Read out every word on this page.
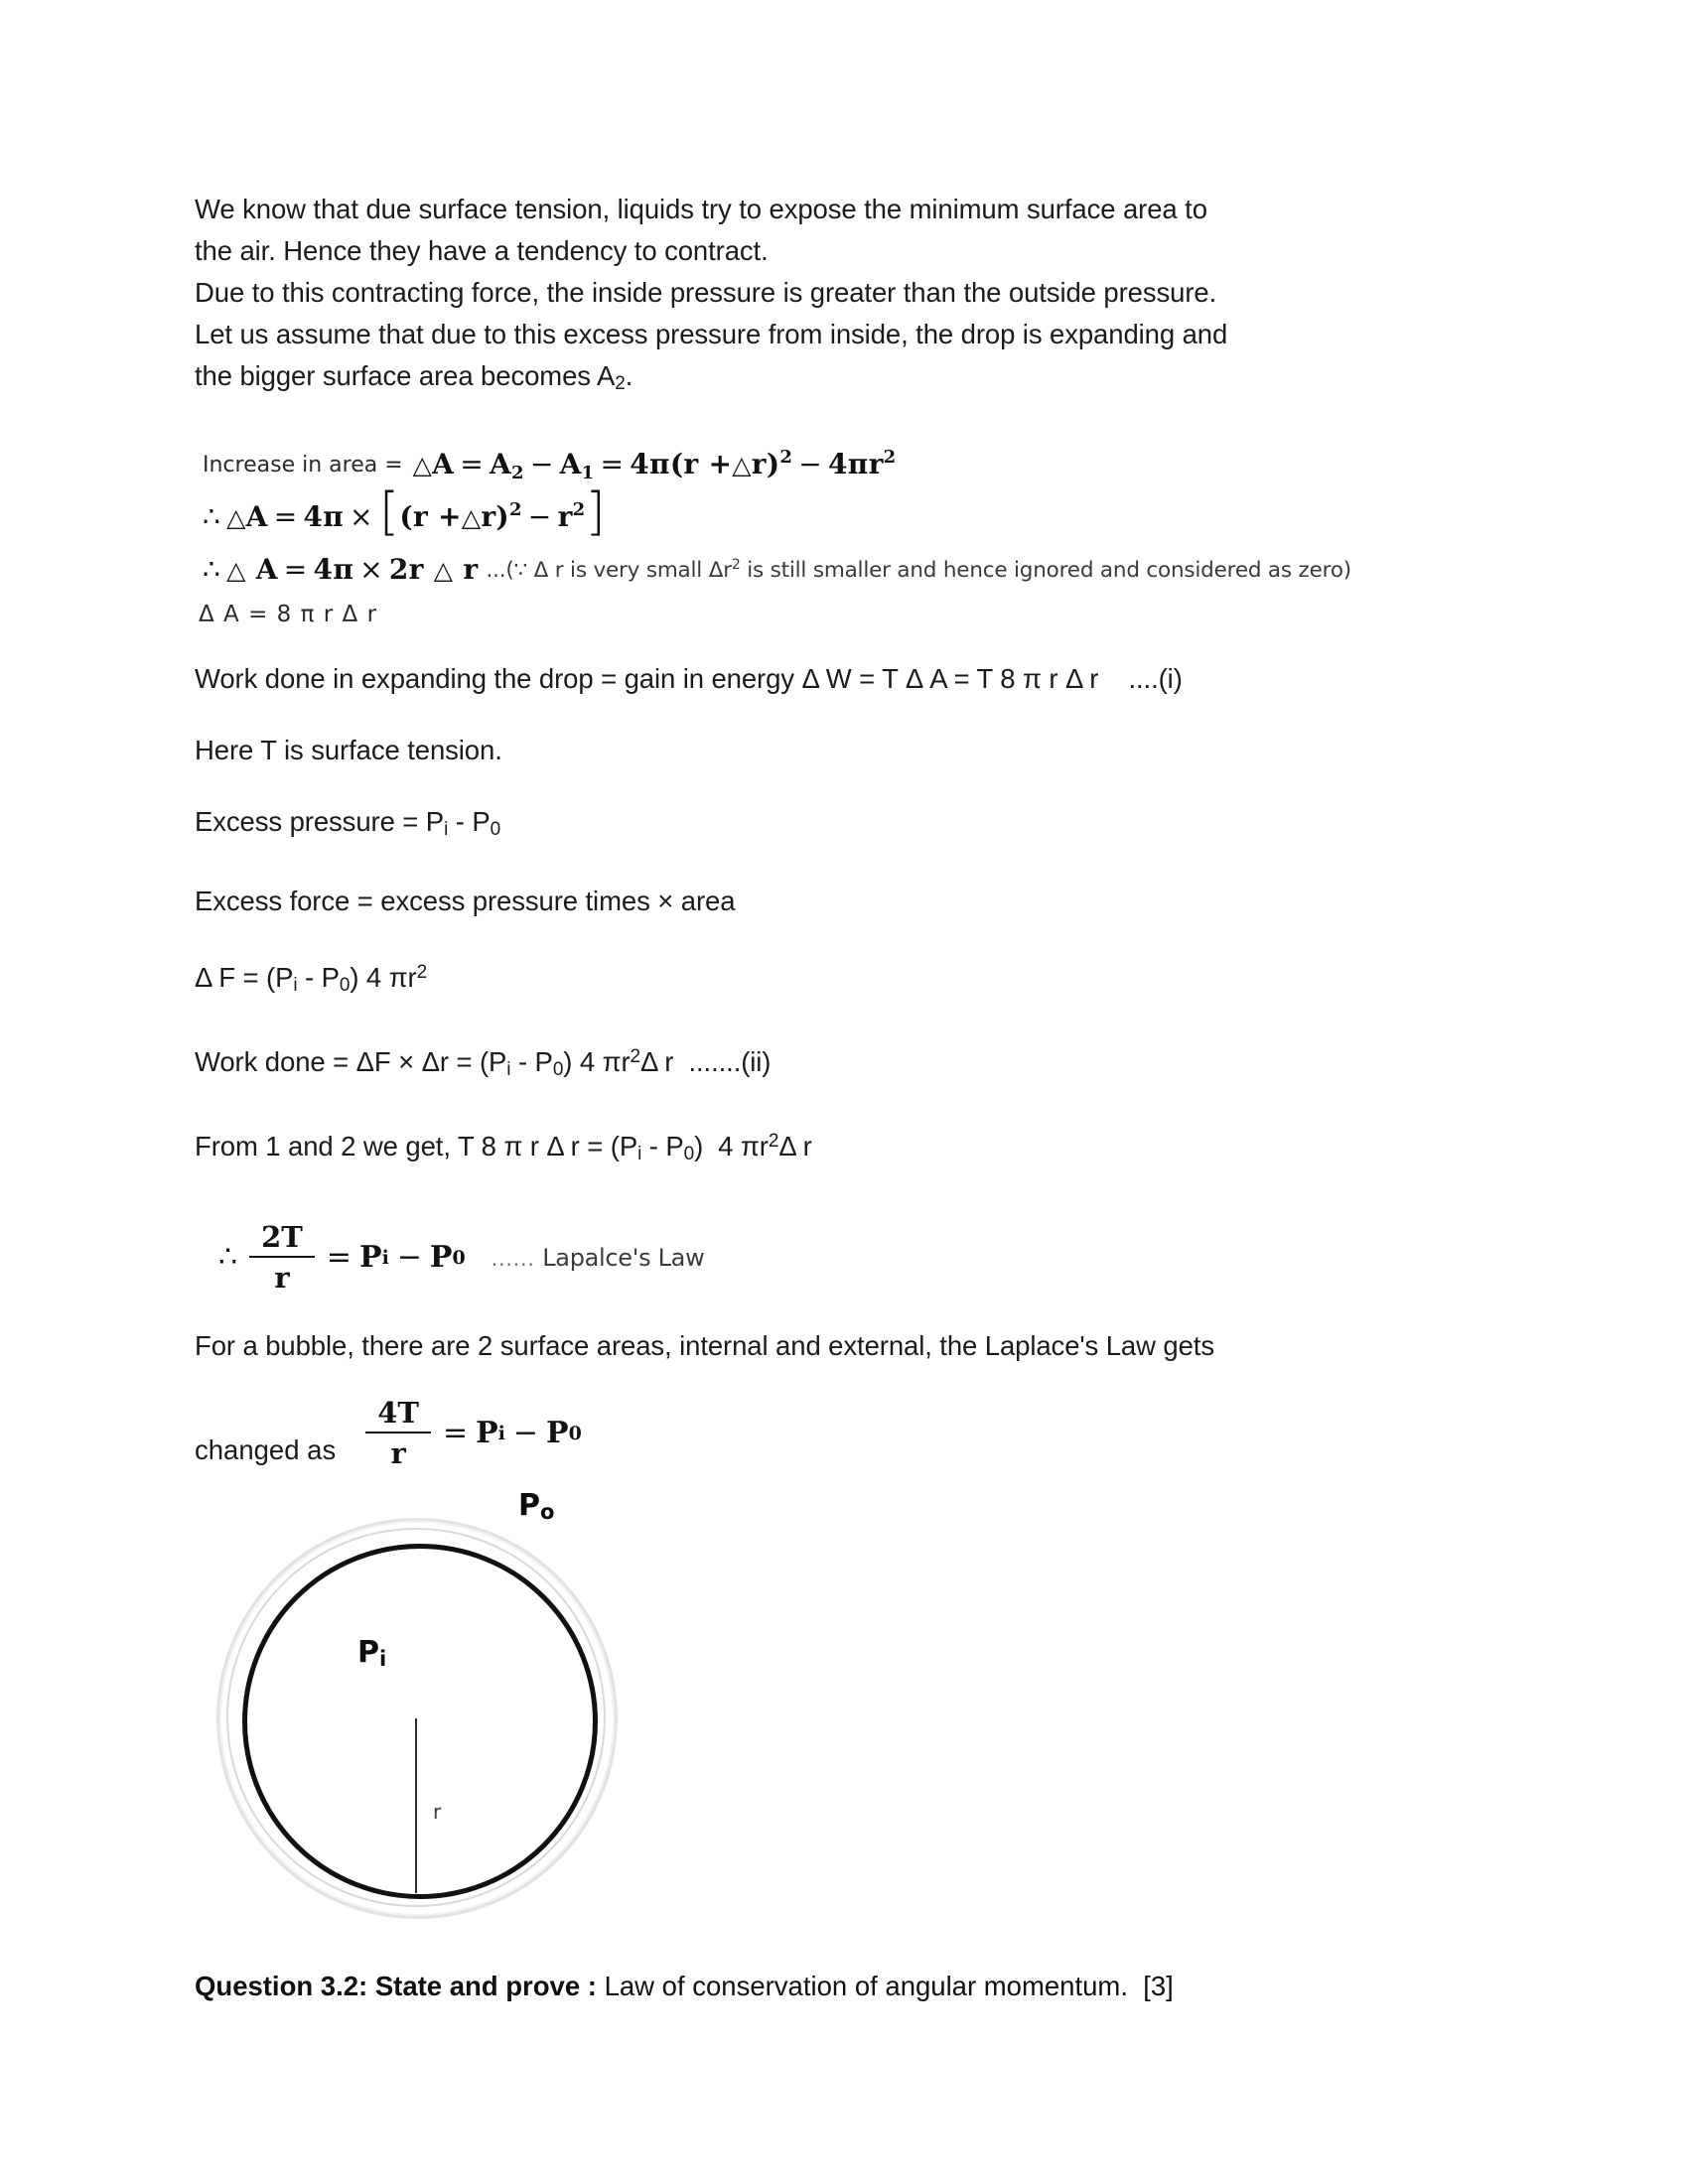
We know that due surface tension, liquids try to expose the minimum surface area to
the air. Hence they have a tendency to contract.
Due to this contracting force, the inside pressure is greater than the outside pressure.
Let us assume that due to this excess pressure from inside, the drop is expanding and
the bigger surface area becomes $A_2$.
Increase in area = △A = $A_2 - A_1 = 4\pi(r$ +△r)$^2$ − $4\pi r^2$
∴ △A = 4π × [(r +△r)$^2$ − $r^2$]
∴ △ A = 4π × 2r △ r ...(∵ Δ r is very small $\Delta r^2$ is still smaller and hence ignored and considered as zero)
Δ A = 8 π r Δ r
Work done in expanding the drop = gain in energy Δ W = T Δ A = T 8 π r Δ r    ....(i)
Here T is surface tension.
Excess pressure = $P_i - P_0$
Excess force = excess pressure times × area
Δ $F = (P_i - P_0)$ 4 $\pi r^2$
Work done = $\Delta F \times \Delta r = (P_i - P_0)$ 4 $\pi r^2\Delta$ r  .......(ii)
From 1 and 2 we get, T 8 π r Δ $r = (P_i - P_0)$  4 $\pi r^2\Delta$ r
∴ $\frac{2T}{r} = P$ i − P 0 ...... Lapalce's Law
For a bubble, there are 2 surface areas, internal and external, the Laplace's Law gets
changed as $\frac{4T}{r} = P$ i − P 0
$P_o$
$P_i$
r
Question 3.2: State and prove : Law of conservation of angular momentum.  [3]
